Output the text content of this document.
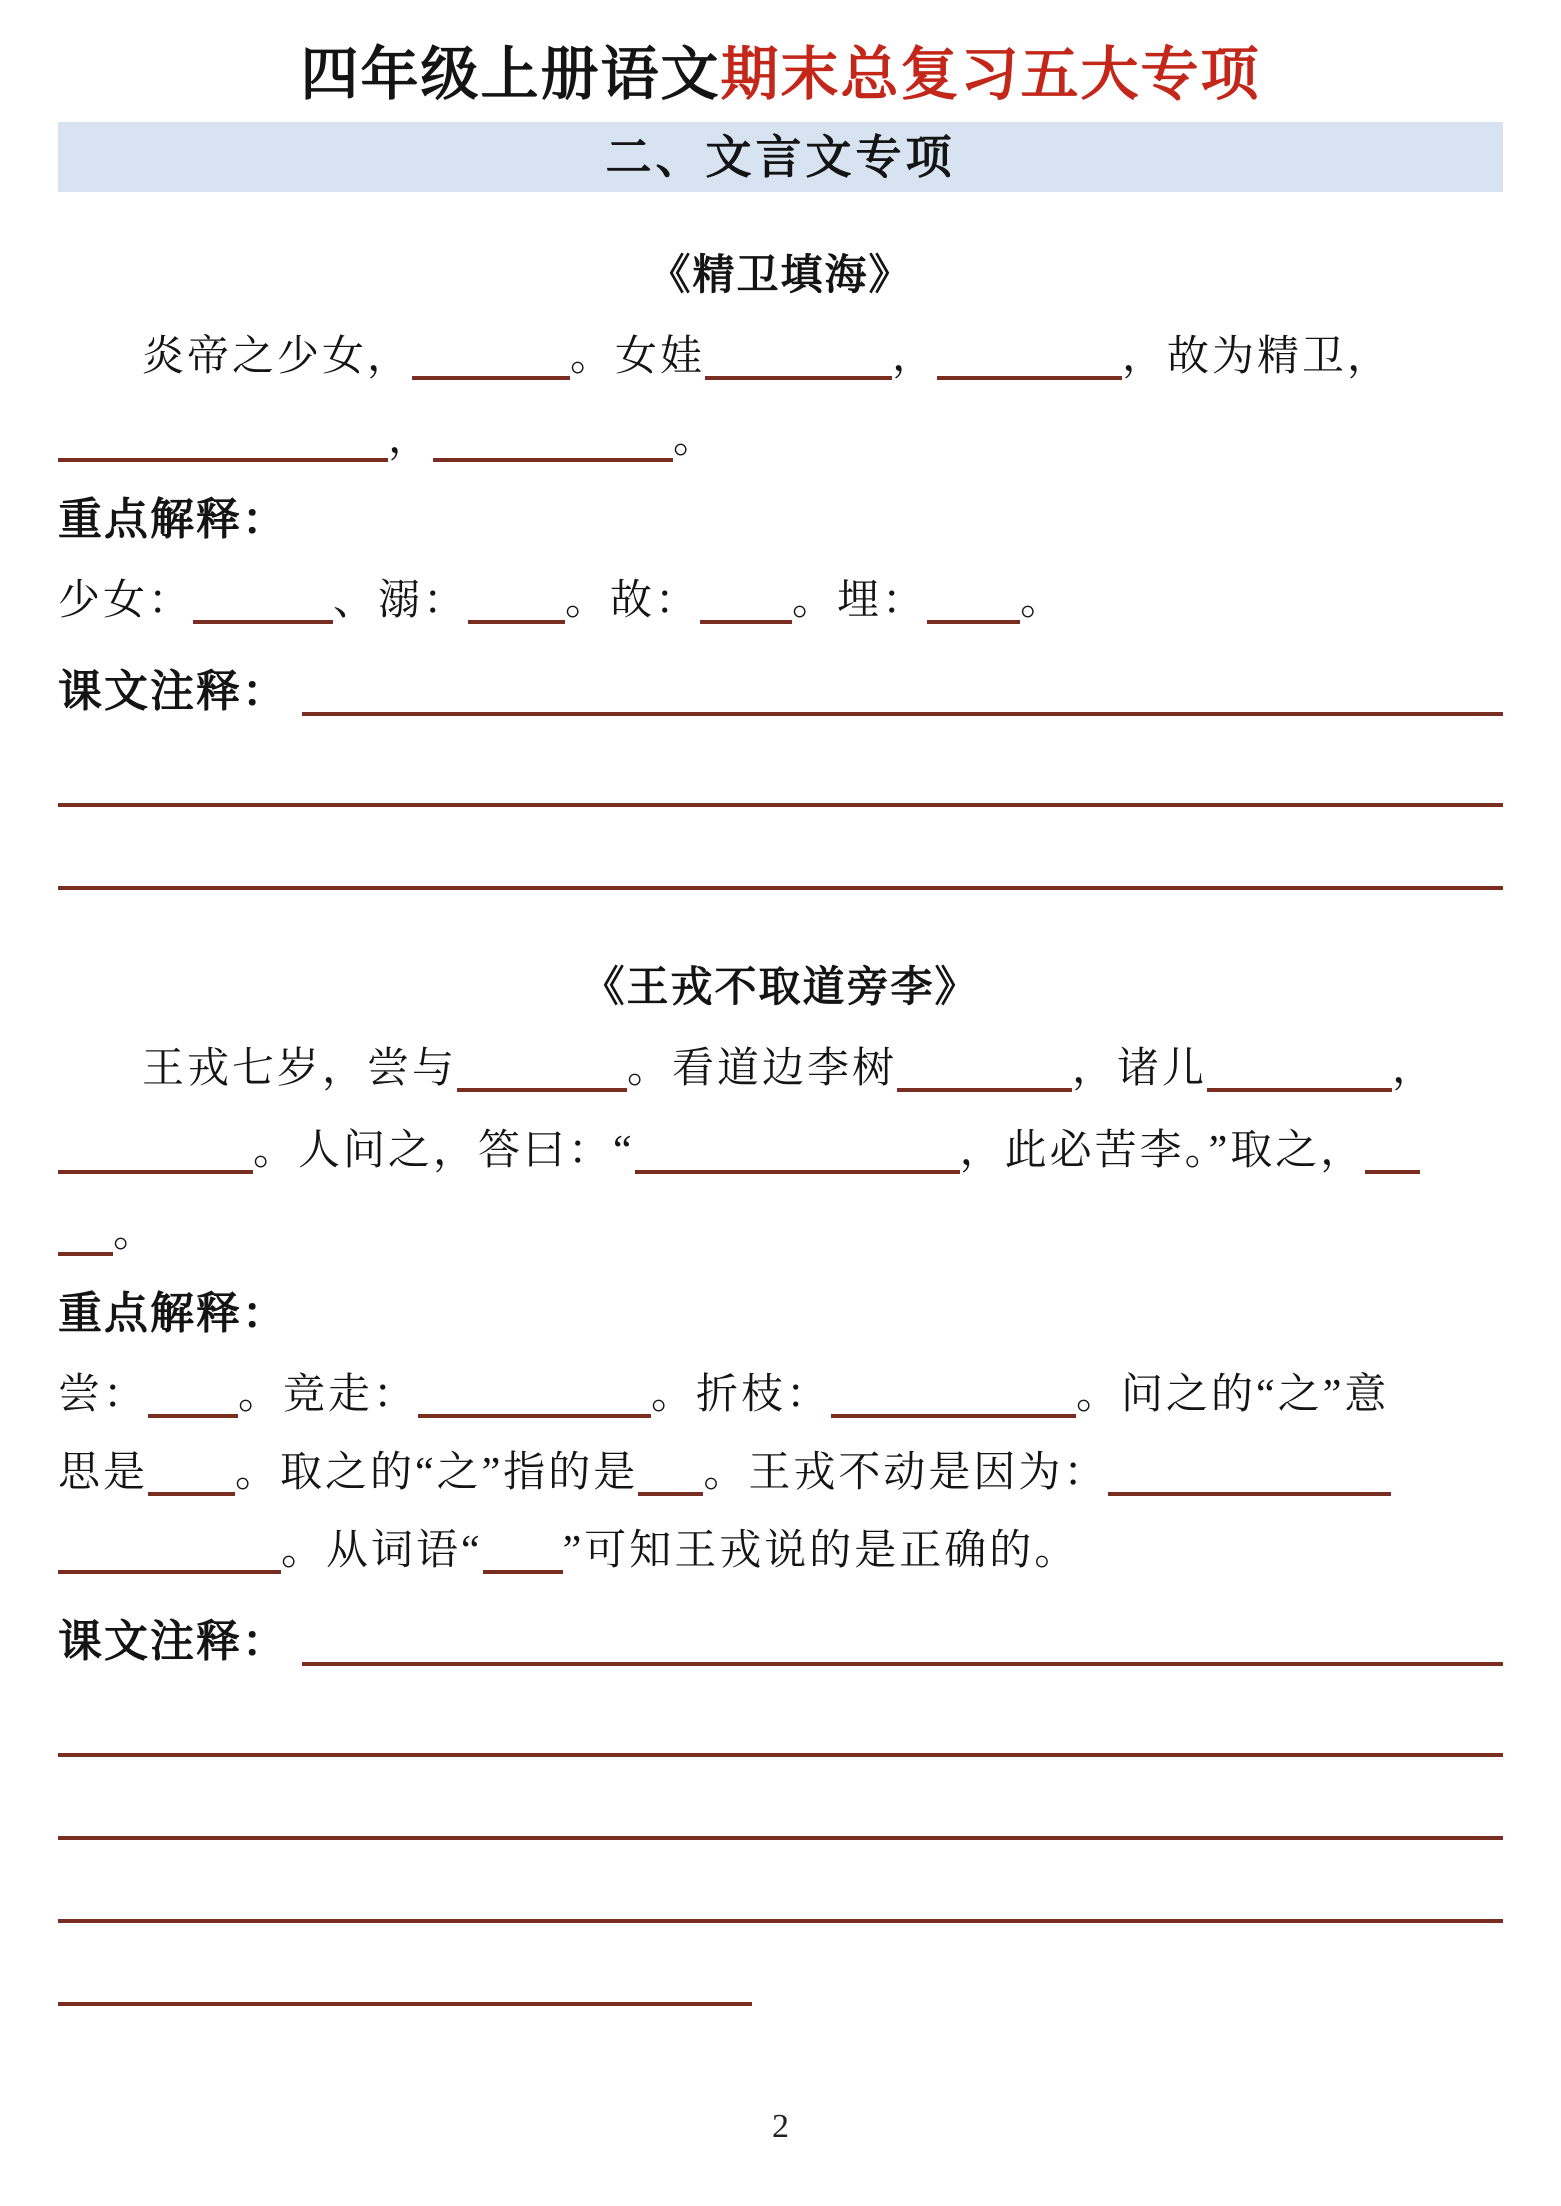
四年级上册语文期末总复习五大专项
二、文言文专项
《精卫填海》
炎帝之少女，	。女娃	，	，故为精卫，
，	。
重点解释：
少女：	、溺： 。故： 。埋： 。
课文注释：
《王戎不取道旁李》
王戎七岁，尝与	。看道边李树	，诸儿	，
。人问之，答曰：“	，此必苦李。”取之，
。
重点解释：
尝： 。竞走：	。折枝：	。问之的“之”意
思是 。取之的“之”指的是 。王戎不动是因为：
。从词语“ ”可知王戎说的是正确的。
课文注释：
2
